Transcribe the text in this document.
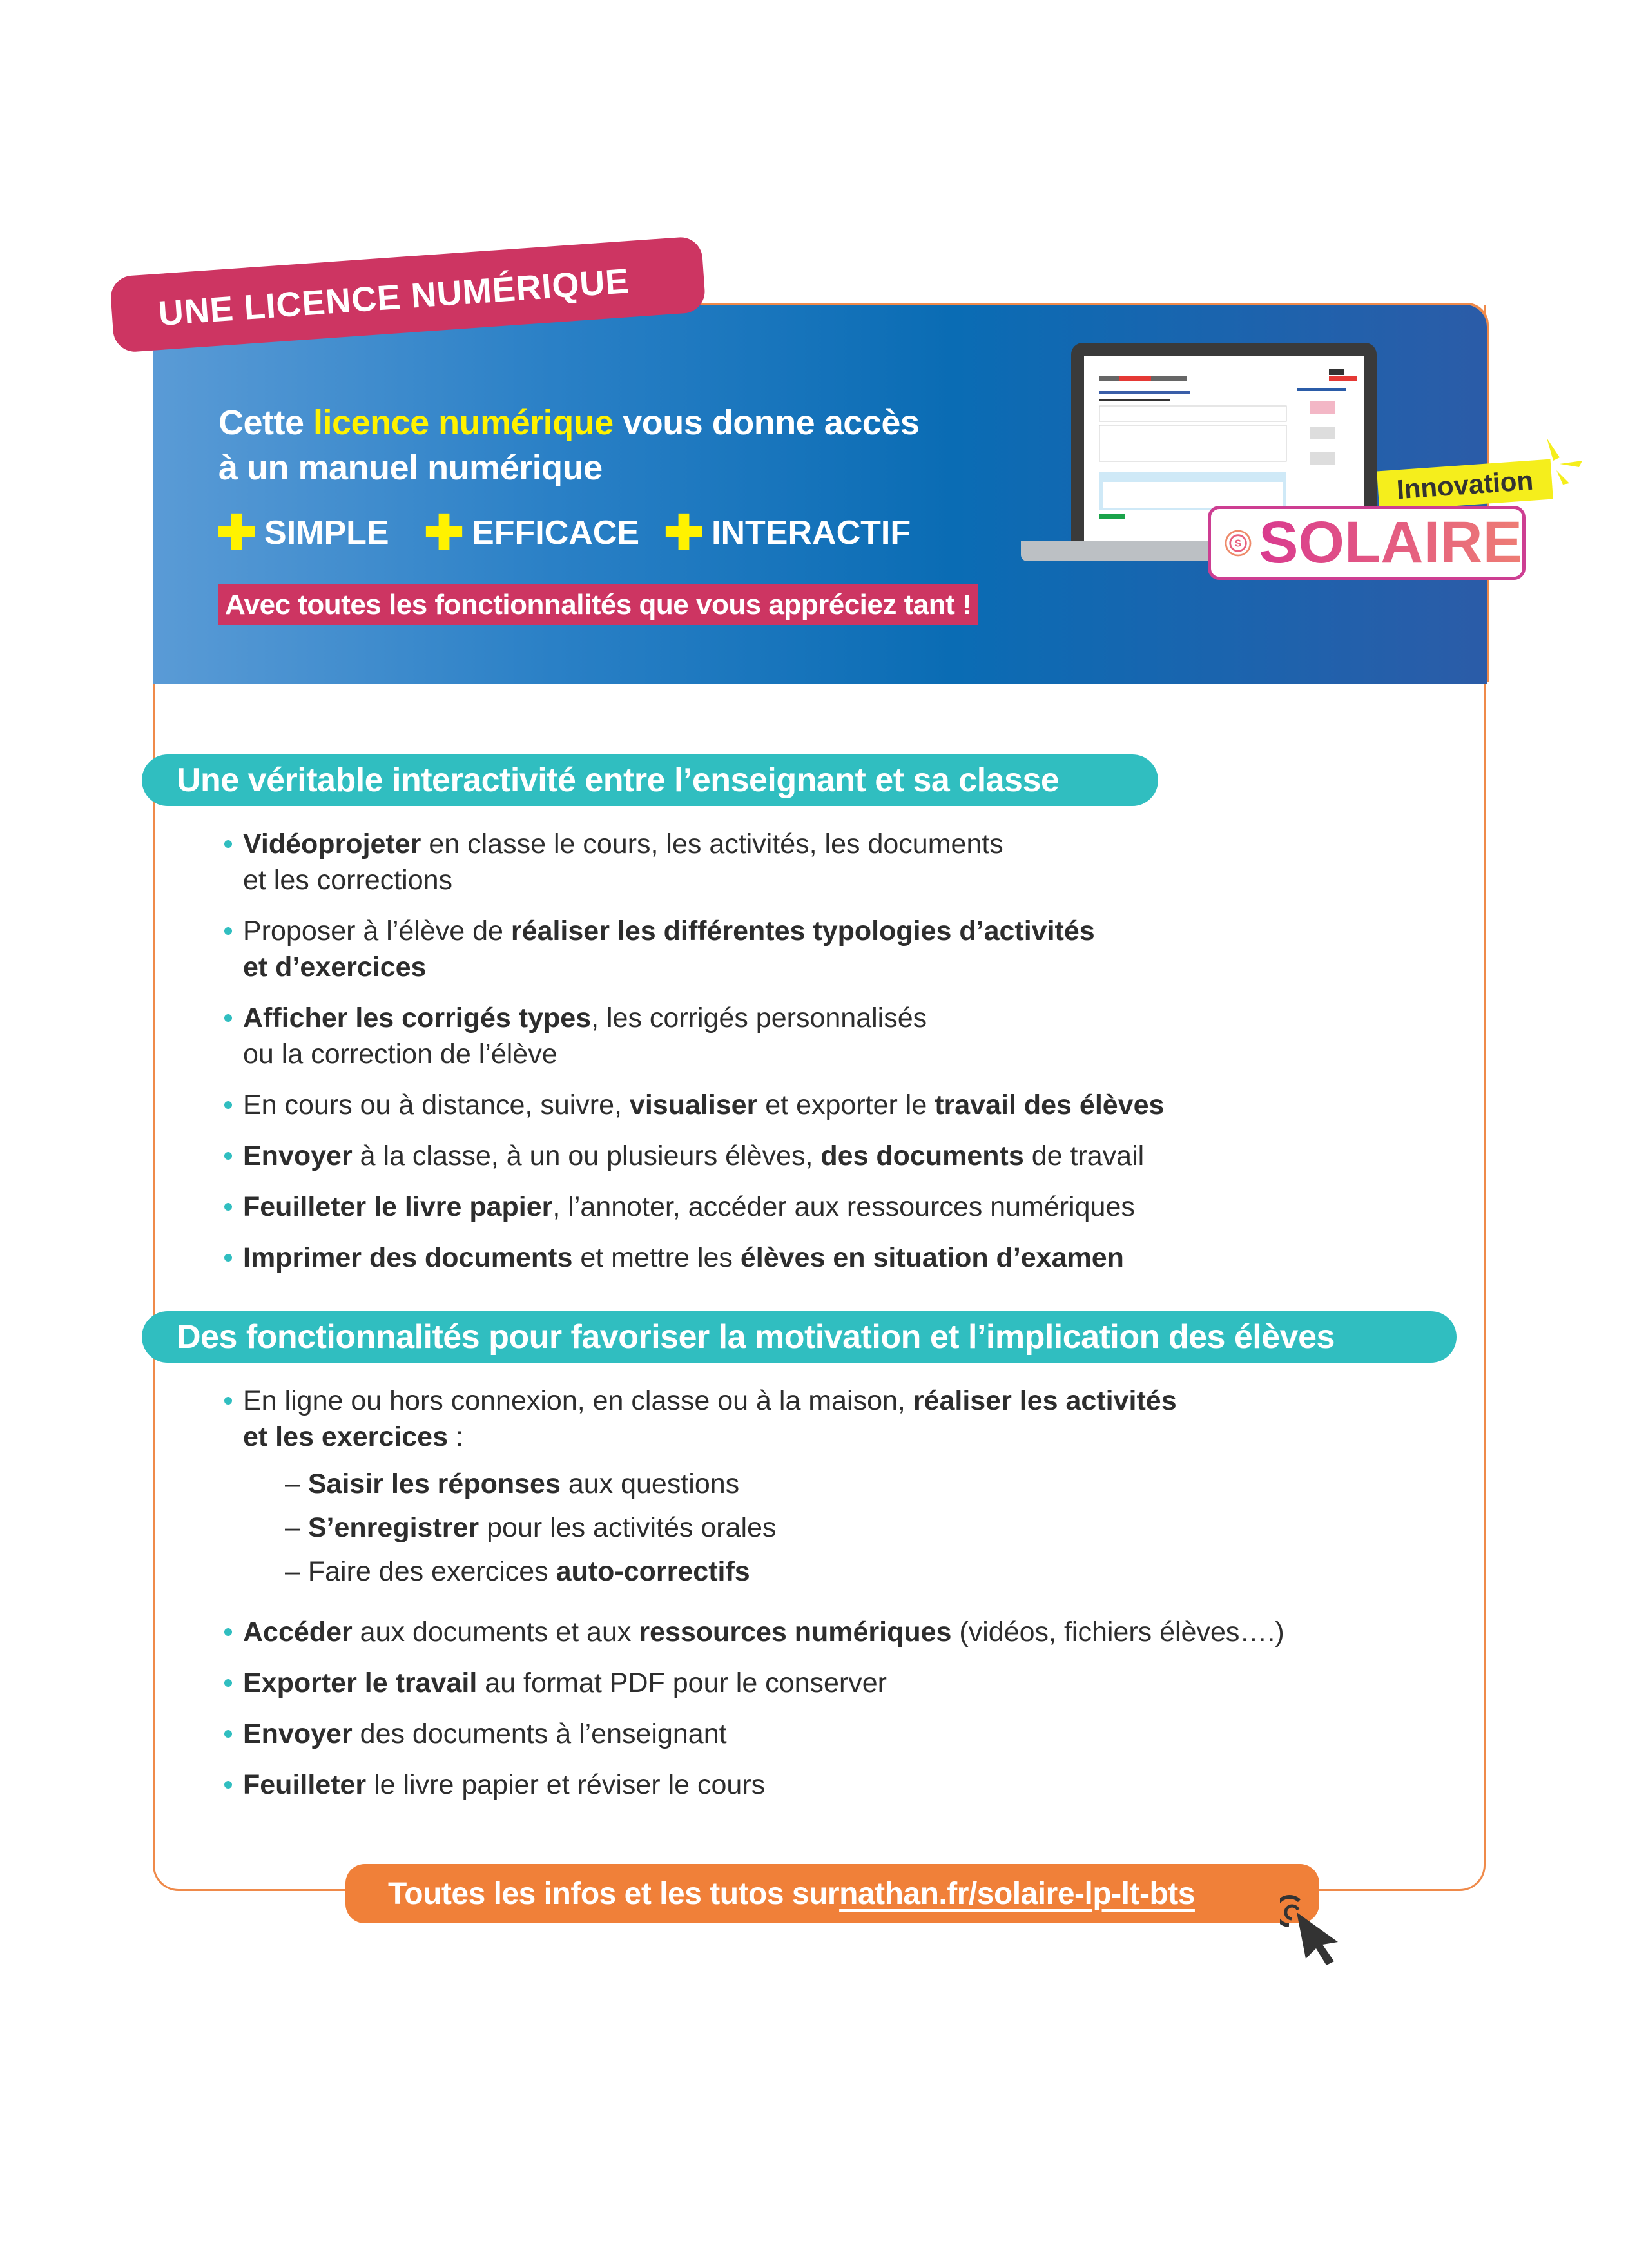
UNE LICENCE NUMÉRIQUE
Cette licence numérique vous donne accès
à un manuel numérique
✚ SIMPLE ✚ EFFICACE ✚ INTERACTIF
Avec toutes les fonctionnalités que vous appréciez tant !
Innovation
S SOLAIRE
Une véritable interactivité entre l’enseignant et sa classe
Vidéoprojeter en classe le cours, les activités, les documents
et les corrections
Proposer à l’élève de réaliser les différentes typologies d’activités
et d’exercices
Afficher les corrigés types, les corrigés personnalisés
ou la correction de l’élève
En cours ou à distance, suivre, visualiser et exporter le travail des élèves
Envoyer à la classe, à un ou plusieurs élèves, des documents de travail
Feuilleter le livre papier, l’annoter, accéder aux ressources numériques
Imprimer des documents et mettre les élèves en situation d’examen
Des fonctionnalités pour favoriser la motivation et l’implication des élèves
En ligne ou hors connexion, en classe ou à la maison, réaliser les activités
et les exercices :
– Saisir les réponses aux questions
– S’enregistrer pour les activités orales
– Faire des exercices auto-correctifs
Accéder aux documents et aux ressources numériques (vidéos, fichiers élèves….)
Exporter le travail au format PDF pour le conserver
Envoyer des documents à l’enseignant
Feuilleter le livre papier et réviser le cours
Toutes les infos et les tutos sur nathan.fr/solaire-lp-lt-bts
